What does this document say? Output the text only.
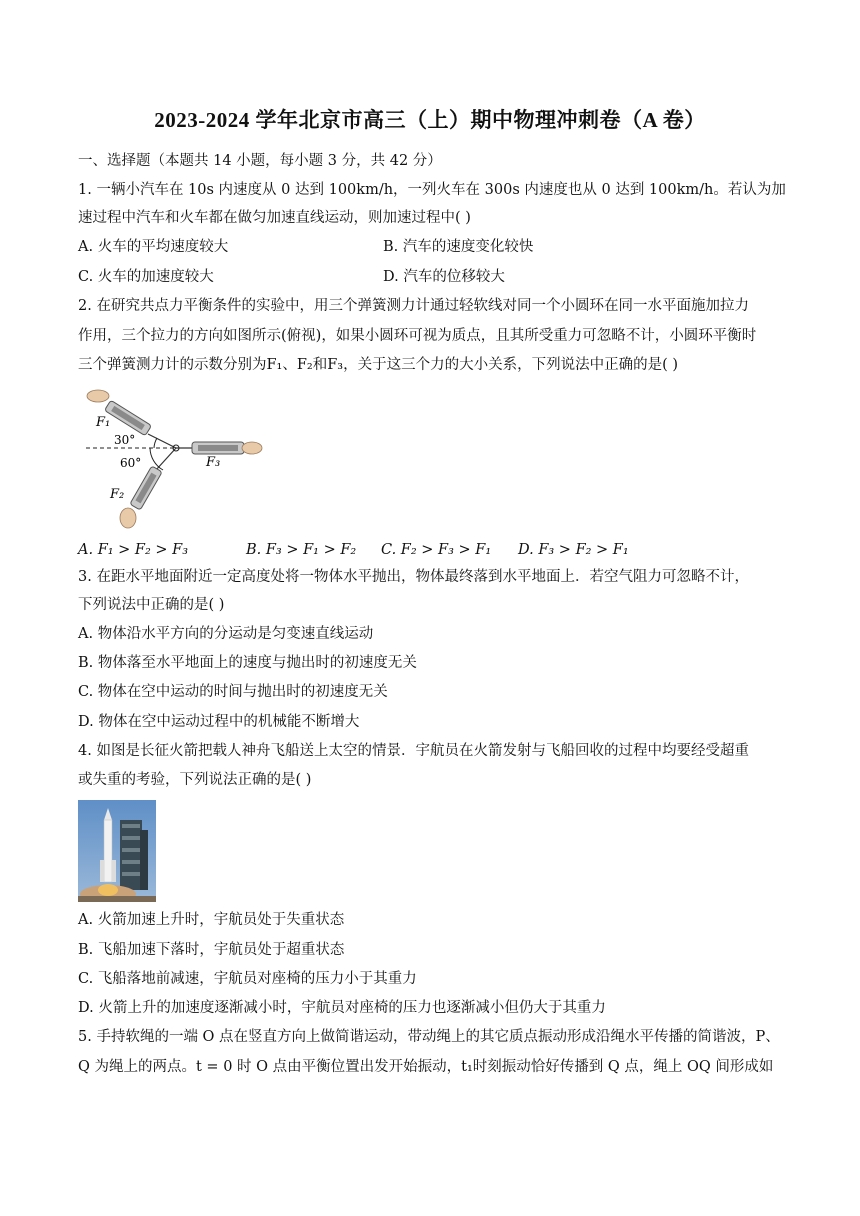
2023-2024 学年北京市高三（上）期中物理冲刺卷（A 卷）
一、选择题（本题共 14 小题，每小题 3 分，共 42 分）
1. 一辆小汽车在 10s 内速度从 0 达到 100km/h，一列火车在 300s 内速度也从 0 达到 100km/h。若认为加
速过程中汽车和火车都在做匀加速直线运动，则加速过程中( )
A. 火车的平均速度较大	B. 汽车的速度变化较快
C. 火车的加速度较大	D. 汽车的位移较大
2. 在研究共点力平衡条件的实验中，用三个弹簧测力计通过轻软线对同一个小圆环在同一水平面施加拉力
作用，三个拉力的方向如图所示(俯视)，如果小圆环可视为质点，且其所受重力可忽略不计，小圆环平衡时
三个弹簧测力计的示数分别为F₁、F₂和F₃，关于这三个力的大小关系，下列说法中正确的是( )
F₁
30°
60°	F₃
F₂
A. F₁ > F₂ > F₃	B. F₃ > F₁ > F₂ C. F₂ > F₃ > F₁ D. F₃ > F₂ > F₁
3. 在距水平地面附近一定高度处将一物体水平抛出，物体最终落到水平地面上．若空气阻力可忽略不计，
下列说法中正确的是( )
A. 物体沿水平方向的分运动是匀变速直线运动
B. 物体落至水平地面上的速度与抛出时的初速度无关
C. 物体在空中运动的时间与抛出时的初速度无关
D. 物体在空中运动过程中的机械能不断增大
4. 如图是长征火箭把载人神舟飞船送上太空的情景．宇航员在火箭发射与飞船回收的过程中均要经受超重
或失重的考验，下列说法正确的是( )
A. 火箭加速上升时，宇航员处于失重状态
B. 飞船加速下落时，宇航员处于超重状态
C. 飞船落地前减速，宇航员对座椅的压力小于其重力
D. 火箭上升的加速度逐渐减小时，宇航员对座椅的压力也逐渐减小但仍大于其重力
5. 手持软绳的一端 O 点在竖直方向上做简谐运动，带动绳上的其它质点振动形成沿绳水平传播的简谐波，P、
Q 为绳上的两点。t = 0 时 O 点由平衡位置出发开始振动，t₁时刻振动恰好传播到 Q 点，绳上 OQ 间形成如
